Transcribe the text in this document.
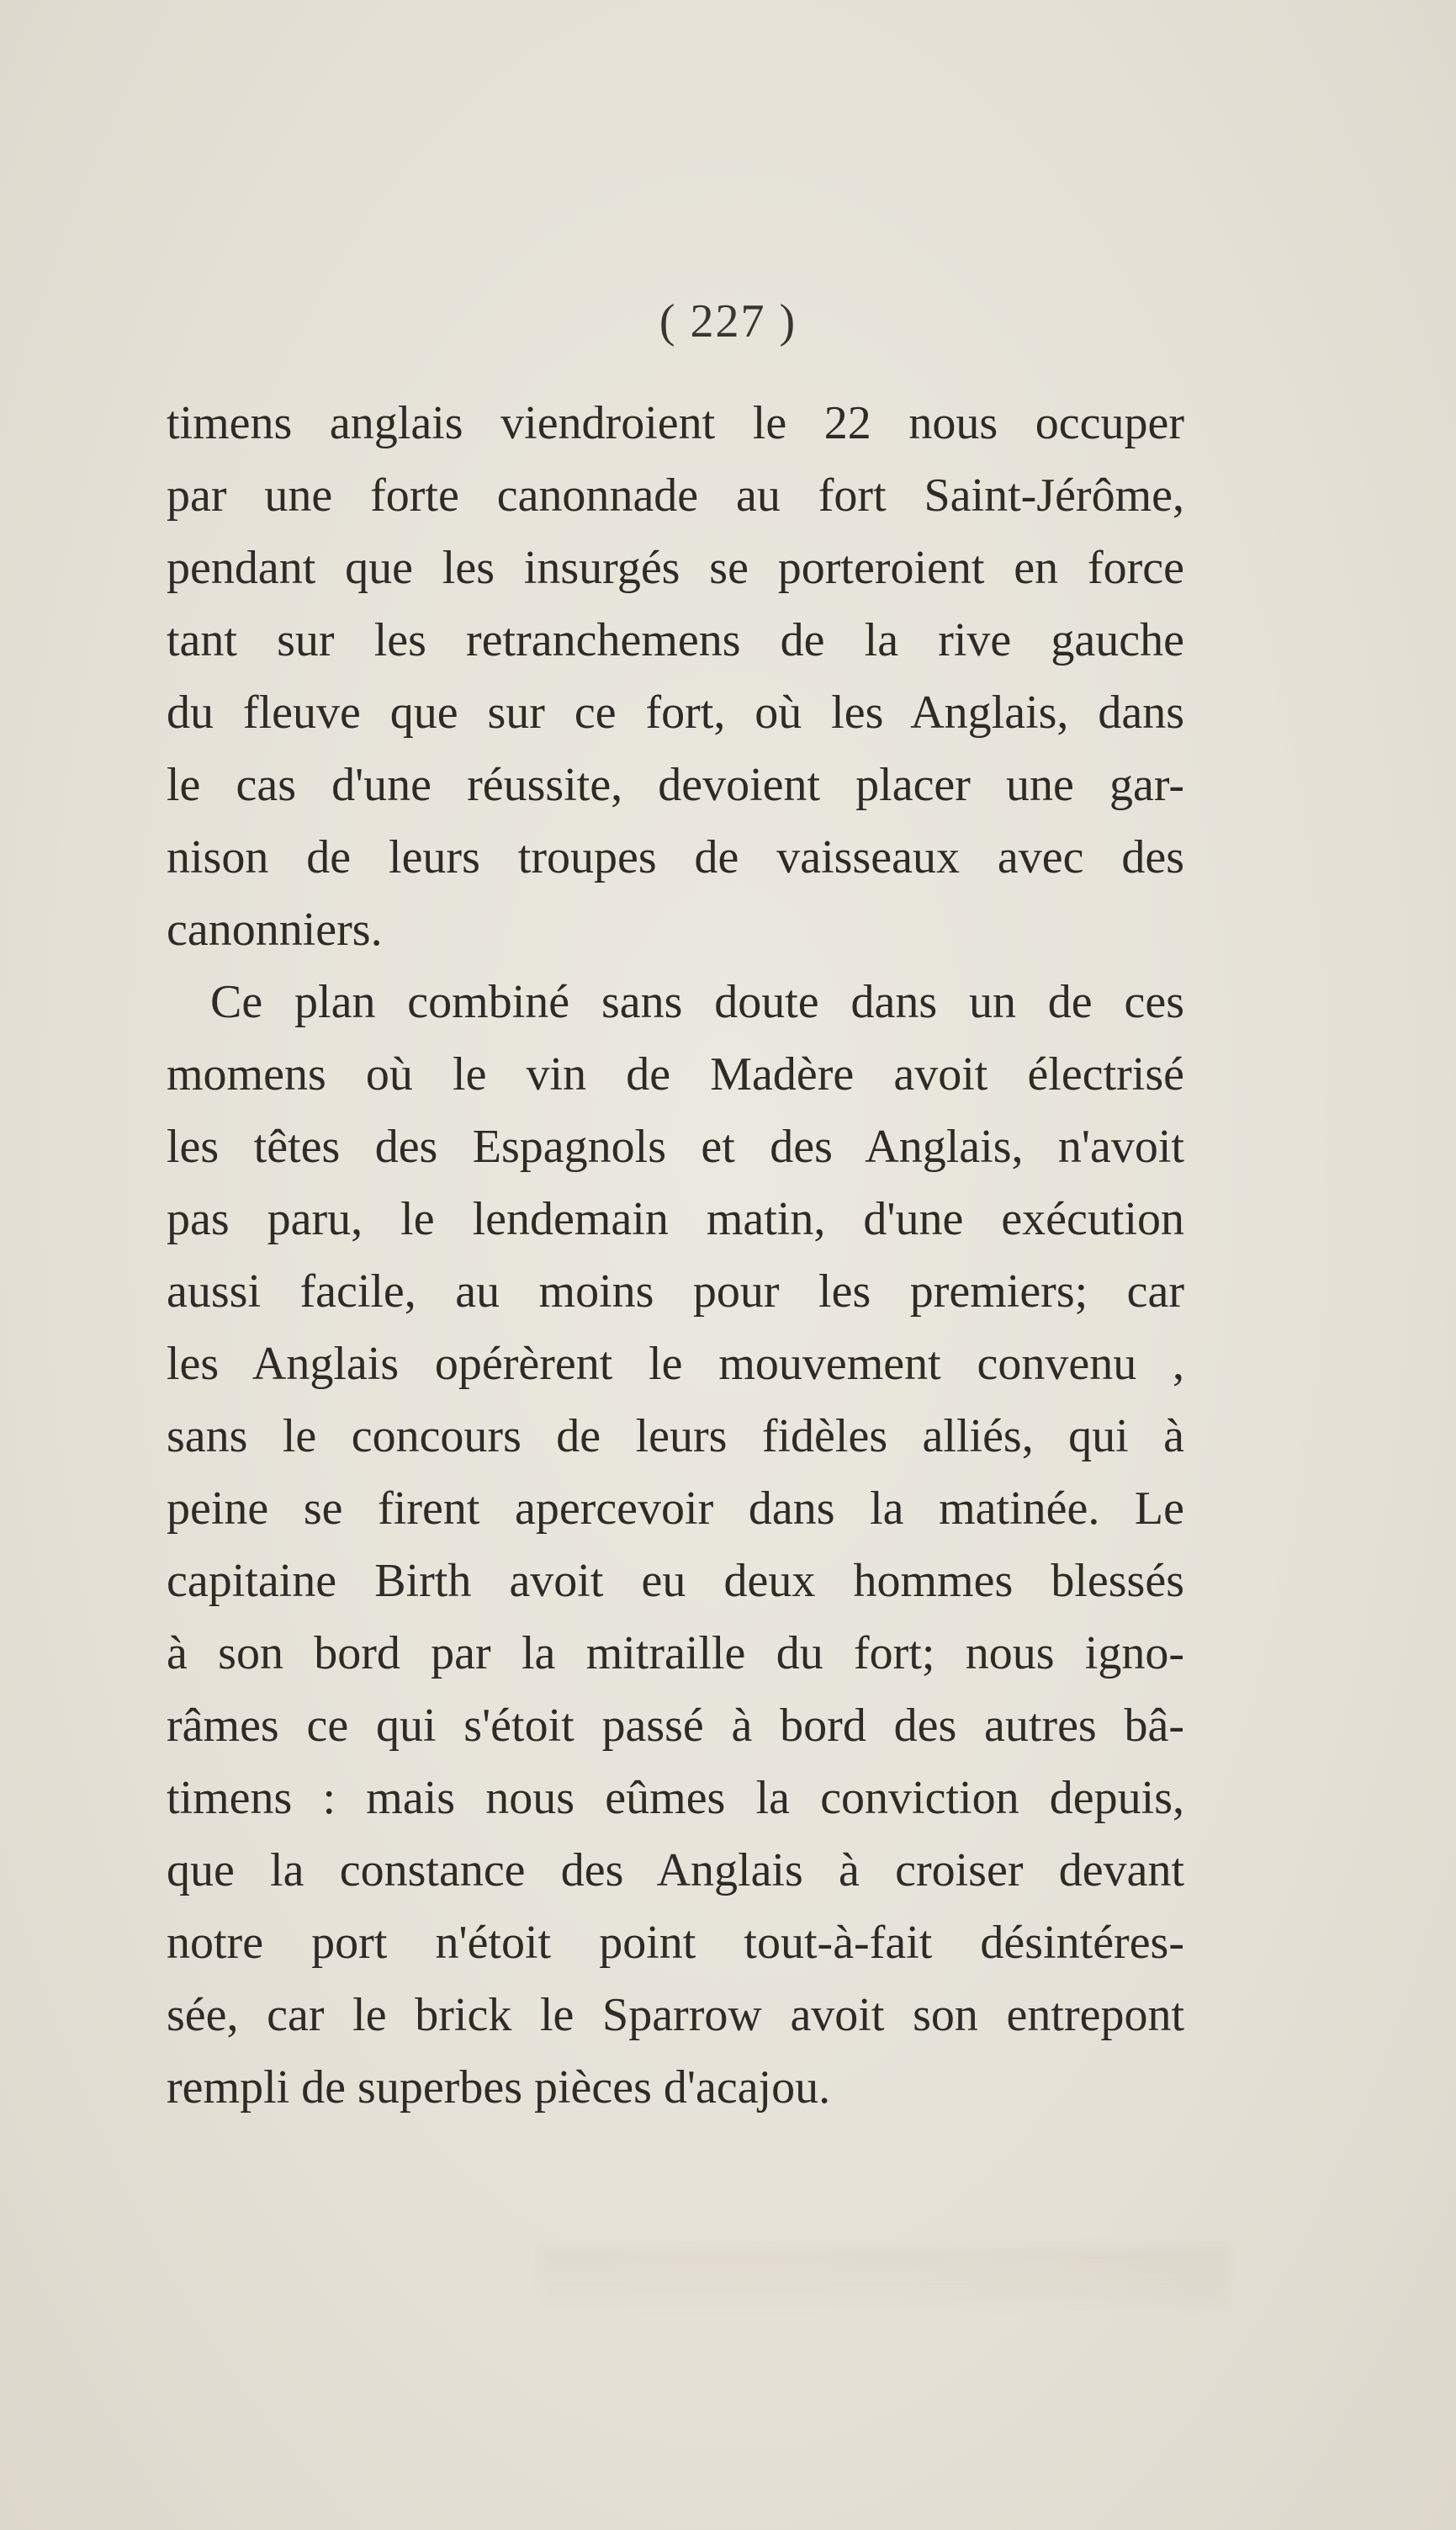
( 227 )
timens anglais viendroient le 22 nous occuper
par une forte canonnade au fort Saint-Jérôme,
pendant que les insurgés se porteroient en force
tant sur les retranchemens de la rive gauche
du fleuve que sur ce fort, où les Anglais, dans
le cas d'une réussite, devoient placer une gar-
nison de leurs troupes de vaisseaux avec des
canonniers.
Ce plan combiné sans doute dans un de ces
momens où le vin de Madère avoit électrisé
les têtes des Espagnols et des Anglais, n'avoit
pas paru, le lendemain matin, d'une exécution
aussi facile, au moins pour les premiers; car
les Anglais opérèrent le mouvement convenu ,
sans le concours de leurs fidèles alliés, qui à
peine se firent apercevoir dans la matinée. Le
capitaine Birth avoit eu deux hommes blessés
à son bord par la mitraille du fort; nous igno-
râmes ce qui s'étoit passé à bord des autres bâ-
timens : mais nous eûmes la conviction depuis,
que la constance des Anglais à croiser devant
notre port n'étoit point tout-à-fait désintéres-
sée, car le brick le Sparrow avoit son entrepont
rempli de superbes pièces d'acajou.
